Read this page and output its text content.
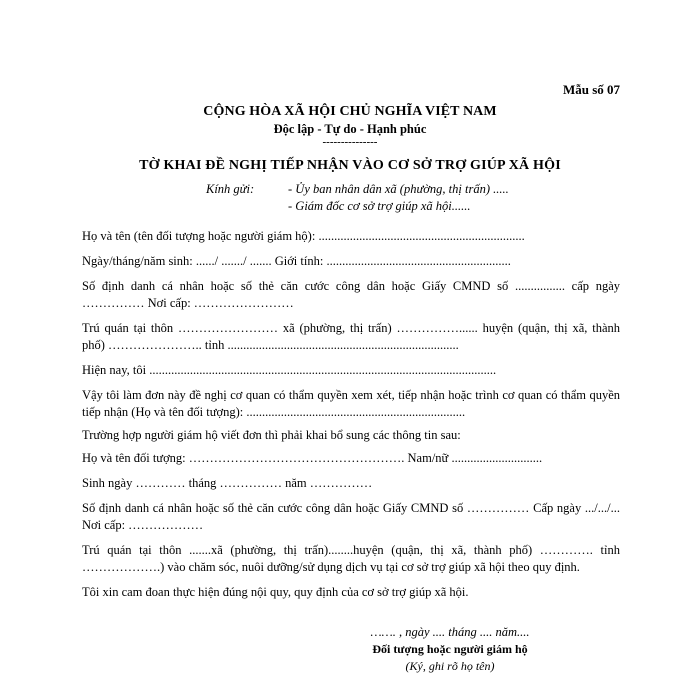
Mẫu số 07
CỘNG HÒA XÃ HỘI CHỦ NGHĨA VIỆT NAM
Độc lập - Tự do - Hạnh phúc
---------------
TỜ KHAI ĐỀ NGHỊ TIẾP NHẬN VÀO CƠ SỞ TRỢ GIÚP XÃ HỘI
Kính gửi:	- Ủy ban nhân dân xã (phường, thị trấn) .....
- Giám đốc cơ sở trợ giúp xã hội......

Họ và tên (tên đối tượng hoặc người giám hộ): ..................................................................

Ngày/tháng/năm sinh: ....../ ......./ ....... Giới tính: ...........................................................

Số định danh cá nhân hoặc số thẻ căn cước công dân hoặc Giấy CMND số ................ cấp ngày …………… Nơi cấp: ……………………

Trú quán tại thôn …………………… xã (phường, thị trấn) ……………...... huyện (quận, thị xã, thành phố) ………………….. tỉnh ..........................................................................

Hiện nay, tôi ...............................................................................................................

Vậy tôi làm đơn này đề nghị cơ quan có thẩm quyền xem xét, tiếp nhận hoặc trình cơ quan có thẩm quyền tiếp nhận (Họ và tên đối tượng): ......................................................................

Trường hợp người giám hộ viết đơn thì phải khai bổ sung các thông tin sau:

Họ và tên đối tượng: ……………………………………………. Nam/nữ .............................

Sinh ngày ………… tháng …………… năm ……………

Số định danh cá nhân hoặc số thẻ căn cước công dân hoặc Giấy CMND số …………… Cấp ngày .../.../... Nơi cấp: ………………

Trú quán tại thôn .......xã (phường, thị trấn)........huyện (quận, thị xã, thành phố) …………. tỉnh ……………….) vào chăm sóc, nuôi dưỡng/sử dụng dịch vụ tại cơ sở trợ giúp xã hội theo quy định.

Tôi xin cam đoan thực hiện đúng nội quy, quy định của cơ sở trợ giúp xã hội.

……. , ngày .... tháng .... năm....
Đối tượng hoặc người giám hộ
(Ký, ghi rõ họ tên)
